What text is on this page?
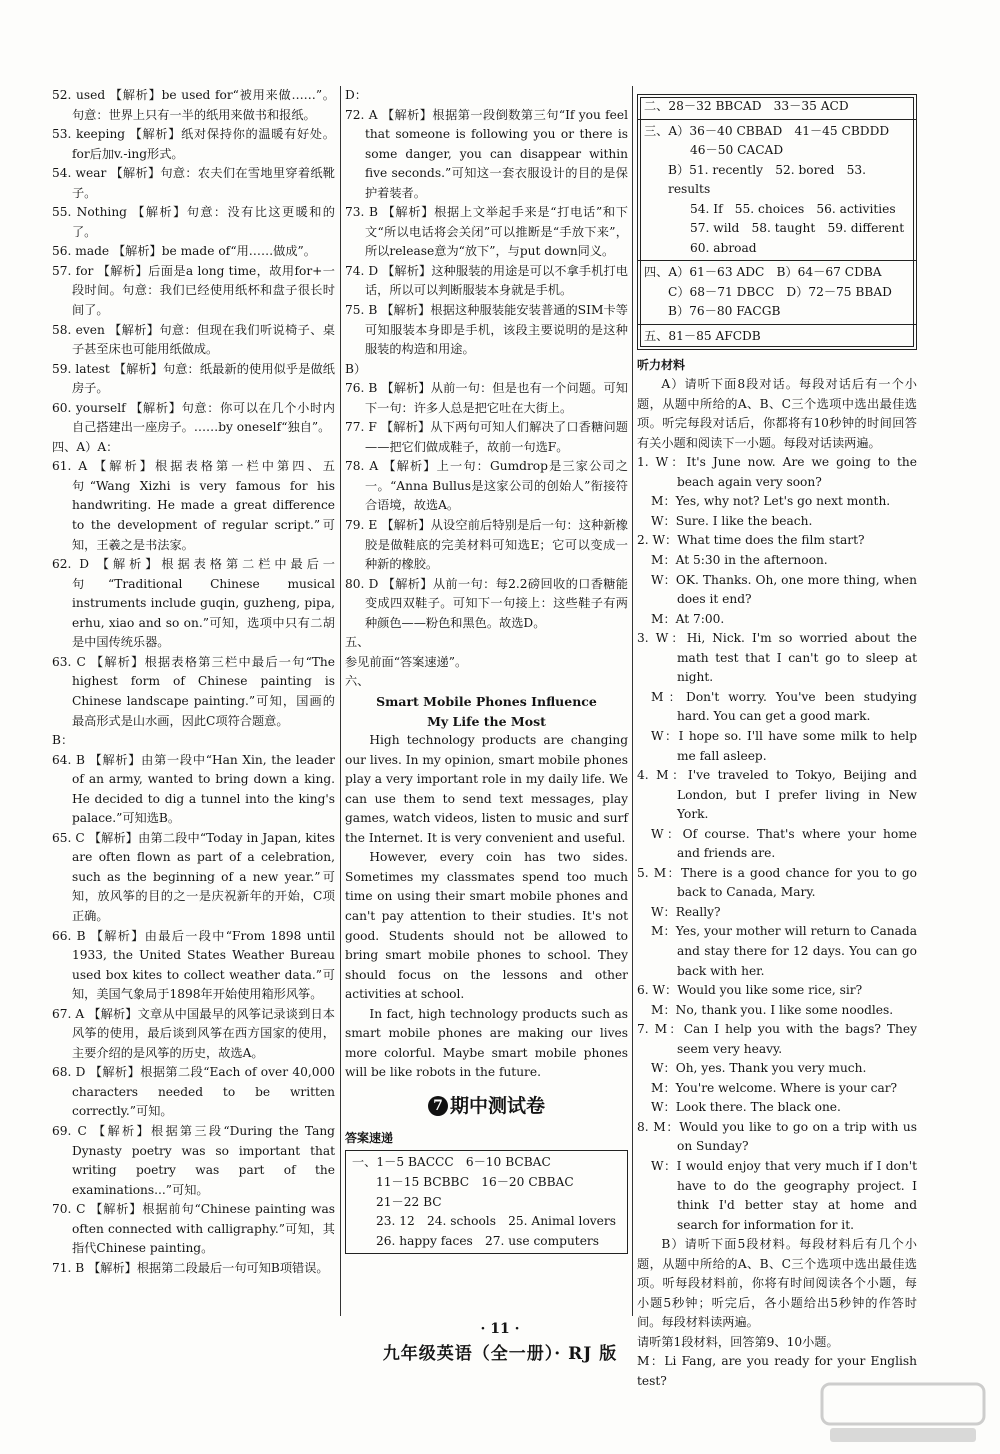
52. used 【解析】be used for“被用来做……”。句意：世界上只有一半的纸用来做书和报纸。

53. keeping 【解析】纸对保持你的温暖有好处。for后加v.-ing形式。

54. wear 【解析】句意：农夫们在雪地里穿着纸靴子。

55. Nothing 【解析】句意：没有比这更暖和的了。

56. made 【解析】be made of“用……做成”。

57. for 【解析】后面是a long time，故用for+一段时间。句意：我们已经使用纸杯和盘子很长时间了。

58. even 【解析】句意：但现在我们听说椅子、桌子甚至床也可能用纸做成。

59. latest 【解析】句意：纸最新的使用似乎是做纸房子。

60. yourself 【解析】句意：你可以在几个小时内自己搭建出一座房子。……by oneself“独自”。

四、A）A：

61. A 【解析】根据表格第一栏中第四、五句“Wang Xizhi is very famous for his handwriting. He made a great difference to the development of regular script.”可知，王羲之是书法家。

62. D 【解析】根据表格第二栏中最后一句“Traditional Chinese musical instruments include guqin, guzheng, pipa, erhu, xiao and so on.”可知，选项中只有二胡是中国传统乐器。

63. C 【解析】根据表格第三栏中最后一句“The highest form of Chinese painting is Chinese landscape painting.”可知，国画的最高形式是山水画，因此C项符合题意。

B：

64. B 【解析】由第一段中“Han Xin, the leader of an army, wanted to bring down a king. He decided to dig a tunnel into the king's palace.”可知选B。

65. C 【解析】由第二段中“Today in Japan, kites are often flown as part of a celebration, such as the beginning of a new year.”可知，放风筝的目的之一是庆祝新年的开始，C项正确。

66. B 【解析】由最后一段中“From 1898 until 1933, the United States Weather Bureau used box kites to collect weather data.”可知，美国气象局于1898年开始使用箱形风筝。

67. A 【解析】文章从中国最早的风筝记录谈到日本风筝的使用，最后谈到风筝在西方国家的使用，主要介绍的是风筝的历史，故选A。

68. D 【解析】根据第二段“Each of over 40,000 characters needed to be written correctly.”可知。

69. C 【解析】根据第三段“During the Tang Dynasty poetry was so important that writing poetry was part of the examinations...”可知。

70. C 【解析】根据前句“Chinese painting was often connected with calligraphy.”可知，其指代Chinese painting。

71. B 【解析】根据第二段最后一句可知B项错误。

D：

72. A 【解析】根据第一段倒数第三句“If you feel that someone is following you or there is some danger, you can disappear within five seconds.”可知这一套衣服设计的目的是保护着装者。

73. B 【解析】根据上文举起手来是“打电话”和下文“所以电话将会关闭”可以推断是“手放下来”，所以release意为“放下”，与put down同义。

74. D 【解析】这种服装的用途是可以不拿手机打电话，所以可以判断服装本身就是手机。

75. B 【解析】根据这种服装能安装普通的SIM卡等可知服装本身即是手机，该段主要说明的是这种服装的构造和用途。

B）

76. B 【解析】从前一句：但是也有一个问题。可知下一句：许多人总是把它吐在大街上。

77. F 【解析】从下两句可知人们解决了口香糖问题——把它们做成鞋子，故前一句选F。

78. A 【解析】上一句：Gumdrop是三家公司之一。“Anna Bullus是这家公司的创始人”衔接符合语境，故选A。

79. E 【解析】从设空前后特别是后一句：这种新橡胶是做鞋底的完美材料可知选E；它可以变成一种新的橡胶。

80. D 【解析】从前一句：每2.2磅回收的口香糖能变成四双鞋子。可知下一句接上：这些鞋子有两种颜色——粉色和黑色。故选D。

五、

参见前面“答案速递”。

六、

Smart Mobile Phones Influence

My Life the Most

High technology products are changing our lives. In my opinion, smart mobile phones play a very important role in my daily life. We can use them to send text messages, play games, watch videos, listen to music and surf the Internet. It is very convenient and useful.

However, every coin has two sides. Sometimes my classmates spend too much time on using their smart mobile phones and can't pay attention to their studies. It's not good. Students should not be allowed to bring smart mobile phones to school. They should focus on the lessons and other activities at school.

In fact, high technology products such as smart mobile phones are making our lives more colorful. Maybe smart mobile phones will be like robots in the future.

7 期中测试卷

答案速递

一、1－5 BACCC　6－10 BCBAC

11－15 BCBBC　16－20 CBBAC

21－22 BC

23. 12　24. schools　25. Animal lovers

26. happy faces　27. use computers

二、28－32 BBCAD　33－35 ACD

三、A）36－40 CBBAD　41－45 CBDDD

46－50 CACAD

B）51. recently　52. bored　53. results

54. If　55. choices　56. activities

57. wild　58. taught　59. different

60. abroad

四、A）61－63 ADC　B）64－67 CDBA

C）68－71 DBCC　D）72－75 BBAD

B）76－80 FACGB

五、81－85 AFCDB

听力材料

A）请听下面8段对话。每段对话后有一个小题，从题中所给的A、B、C三个选项中选出最佳选项。听完每段对话后，你都将有10秒钟的时间回答有关小题和阅读下一小题。每段对话读两遍。

1. W：It's June now. Are we going to the beach again very soon?

M：Yes, why not? Let's go next month.

W：Sure. I like the beach.

2. W：What time does the film start?

M：At 5:30 in the afternoon.

W：OK. Thanks. Oh, one more thing, when does it end?

M：At 7:00.

3. W：Hi, Nick. I'm so worried about the math test that I can't go to sleep at night.

M：Don't worry. You've been studying hard. You can get a good mark.

W：I hope so. I'll have some milk to help me fall asleep.

4. M：I've traveled to Tokyo, Beijing and London, but I prefer living in New York.

W：Of course. That's where your home and friends are.

5. M：There is a good chance for you to go back to Canada, Mary.

W：Really?

M：Yes, your mother will return to Canada and stay there for 12 days. You can go back with her.

6. W：Would you like some rice, sir?

M：No, thank you. I like some noodles.

7. M：Can I help you with the bags? They seem very heavy.

W：Oh, yes. Thank you very much.

M：You're welcome. Where is your car?

W：Look there. The black one.

8. M：Would you like to go on a trip with us on Sunday?

W：I would enjoy that very much if I don't have to do the geography project. I think I'd better stay at home and search for information for it.

B）请听下面5段材料。每段材料后有几个小题，从题中所给的A、B、C三个选项中选出最佳选项。听每段材料前，你将有时间阅读各个小题，每小题5秒钟；听完后，各小题给出5秒钟的作答时间。每段材料读两遍。

请听第1段材料，回答第9、10小题。

M：Li Fang, are you ready for your English test?

· 11 ·
九年级英语（全一册）· RJ 版
